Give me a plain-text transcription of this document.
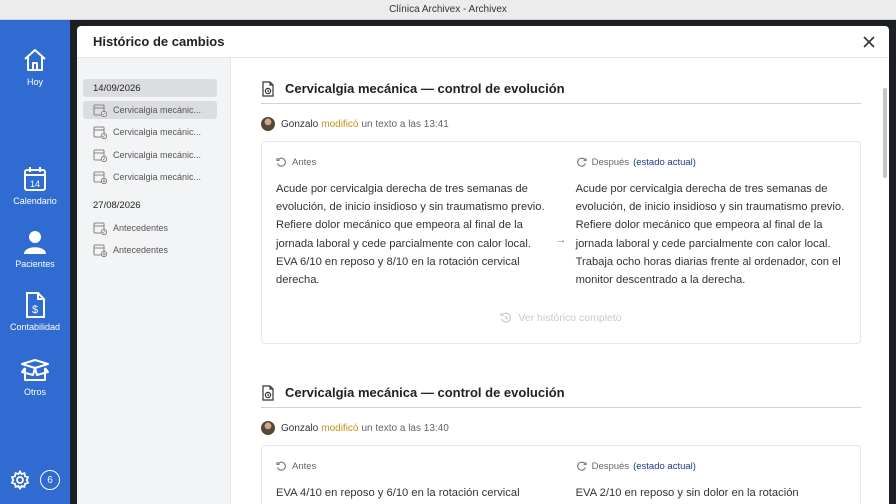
Clínica Archivex - Archivex
Hoy
14
Calendario
Pacientes
$
Contabilidad
Otros
6
Histórico de cambios
14/09/2026
Cervicalgia mecánic...
Cervicalgia mecánic...
Cervicalgia mecánic...
Cervicalgia mecánic...
27/08/2026
Antecedentes
Antecedentes
Cervicalgia mecánica — control de evolución
Gonzalo modificó un texto a las 13:41
Antes

Acude por cervicalgia derecha de tres semanas de evolución, de inicio insidioso y sin traumatismo previo. Refiere dolor mecánico que empeora al final de la jornada laboral y cede parcialmente con calor local. EVA 6/10 en reposo y 8/10 en la rotación cervical derecha.

→
Después (estado actual)

Acude por cervicalgia derecha de tres semanas de evolución, de inicio insidioso y sin traumatismo previo. Refiere dolor mecánico que empeora al final de la jornada laboral y cede parcialmente con calor local. Trabaja ocho horas diarias frente al ordenador, con el monitor descentrado a la derecha.

Ver histórico completo
Cervicalgia mecánica — control de evolución
Gonzalo modificó un texto a las 13:40
Antes

EVA 4/10 en reposo y 6/10 en la rotación cervical

Después (estado actual)

EVA 2/10 en reposo y sin dolor en la rotación
